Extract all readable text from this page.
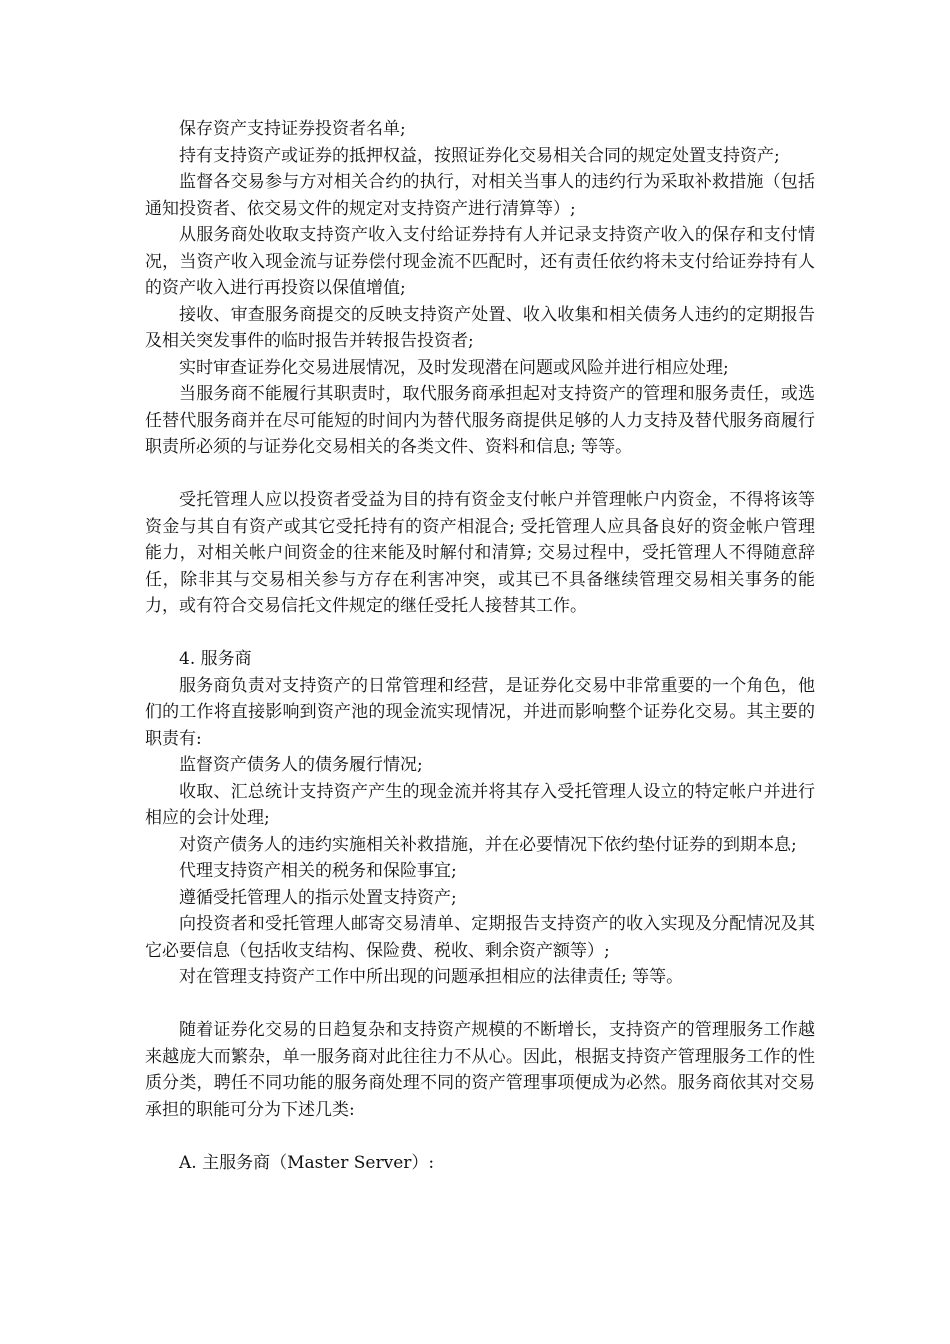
保存资产支持证券投资者名单;

持有支持资产或证券的抵押权益，按照证券化交易相关合同的规定处置支持资产;

监督各交易参与方对相关合约的执行，对相关当事人的违约行为采取补救措施（包括通知投资者、依交易文件的规定对支持资产进行清算等）;

从服务商处收取支持资产收入支付给证券持有人并记录支持资产收入的保存和支付情况，当资产收入现金流与证券偿付现金流不匹配时，还有责任依约将未支付给证券持有人的资产收入进行再投资以保值增值;

接收、审查服务商提交的反映支持资产处置、收入收集和相关债务人违约的定期报告及相关突发事件的临时报告并转报告投资者;

实时审查证券化交易进展情况，及时发现潜在问题或风险并进行相应处理;

当服务商不能履行其职责时，取代服务商承担起对支持资产的管理和服务责任，或选任替代服务商并在尽可能短的时间内为替代服务商提供足够的人力支持及替代服务商履行职责所必须的与证券化交易相关的各类文件、资料和信息; 等等。

受托管理人应以投资者受益为目的持有资金支付帐户并管理帐户内资金，不得将该等资金与其自有资产或其它受托持有的资产相混合; 受托管理人应具备良好的资金帐户管理能力，对相关帐户间资金的往来能及时解付和清算; 交易过程中，受托管理人不得随意辞任，除非其与交易相关参与方存在利害冲突，或其已不具备继续管理交易相关事务的能力，或有符合交易信托文件规定的继任受托人接替其工作。

4. 服务商

服务商负责对支持资产的日常管理和经营，是证券化交易中非常重要的一个角色，他们的工作将直接影响到资产池的现金流实现情况，并进而影响整个证券化交易。其主要的职责有:

监督资产债务人的债务履行情况;

收取、汇总统计支持资产产生的现金流并将其存入受托管理人设立的特定帐户并进行相应的会计处理;

对资产债务人的违约实施相关补救措施，并在必要情况下依约垫付证券的到期本息;

代理支持资产相关的税务和保险事宜;

遵循受托管理人的指示处置支持资产;

向投资者和受托管理人邮寄交易清单、定期报告支持资产的收入实现及分配情况及其它必要信息（包括收支结构、保险费、税收、剩余资产额等）;

对在管理支持资产工作中所出现的问题承担相应的法律责任; 等等。

随着证券化交易的日趋复杂和支持资产规模的不断增长，支持资产的管理服务工作越来越庞大而繁杂，单一服务商对此往往力不从心。因此，根据支持资产管理服务工作的性质分类，聘任不同功能的服务商处理不同的资产管理事项便成为必然。服务商依其对交易承担的职能可分为下述几类:

A. 主服务商（Master Server）:
